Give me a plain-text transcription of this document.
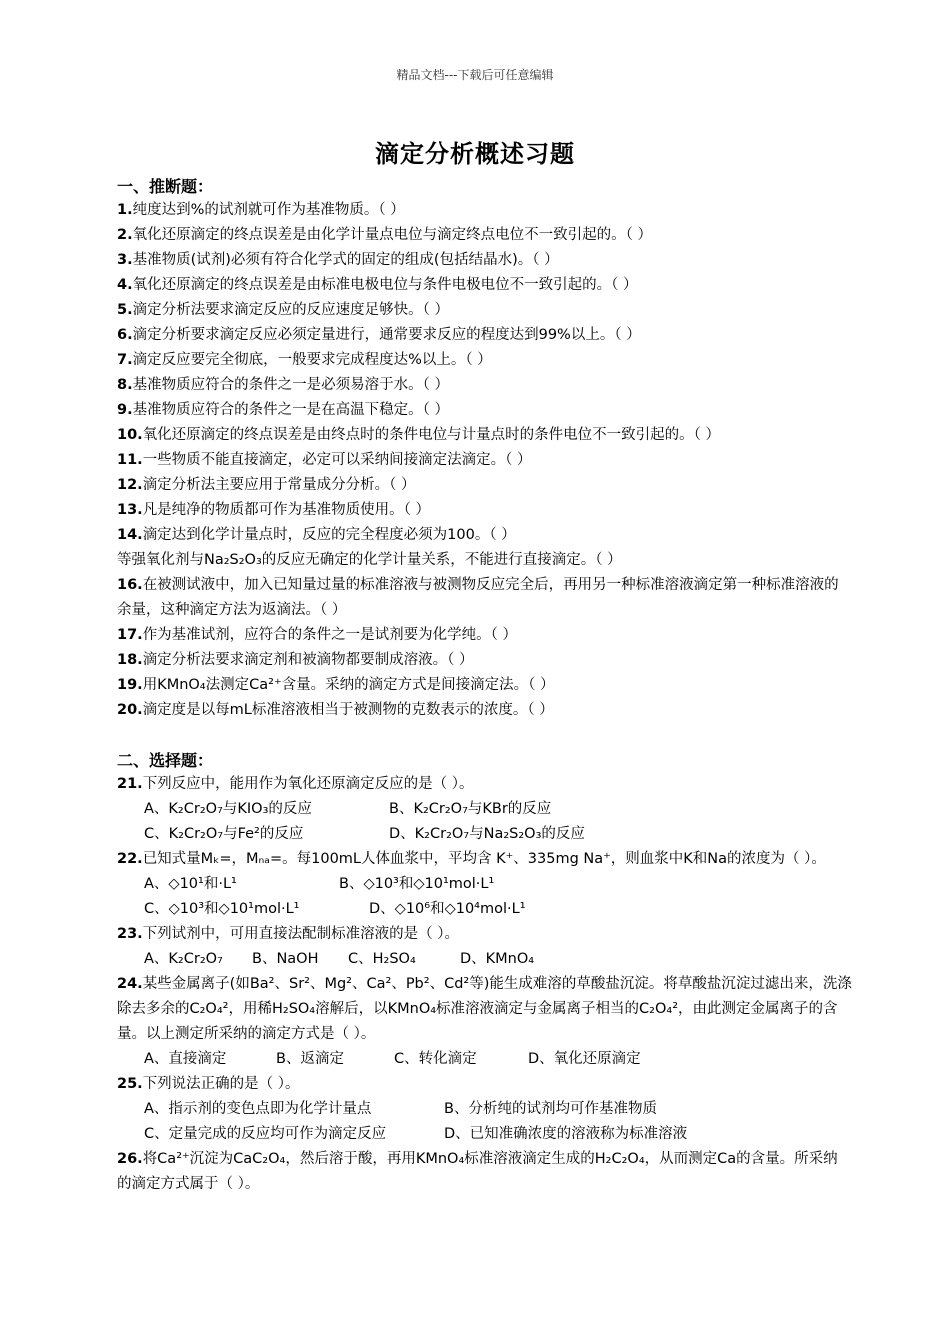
精品文档---下载后可任意编辑
滴定分析概述习题
一、推断题：
1.纯度达到%的试剂就可作为基准物质。（ ）
2.氧化还原滴定的终点误差是由化学计量点电位与滴定终点电位不一致引起的。（ ）
3.基准物质(试剂)必须有符合化学式的固定的组成(包括结晶水)。（ ）
4.氧化还原滴定的终点误差是由标准电极电位与条件电极电位不一致引起的。（ ）
5.滴定分析法要求滴定反应的反应速度足够快。（ ）
6.滴定分析要求滴定反应必须定量进行，通常要求反应的程度达到99%以上。（ ）
7.滴定反应要完全彻底，一般要求完成程度达%以上。（ ）
8.基准物质应符合的条件之一是必须易溶于水。（ ）
9.基准物质应符合的条件之一是在高温下稳定。（ ）
10.氧化还原滴定的终点误差是由终点时的条件电位与计量点时的条件电位不一致引起的。（ ）
11.一些物质不能直接滴定，必定可以采纳间接滴定法滴定。（ ）
12.滴定分析法主要应用于常量成分分析。（ ）
13.凡是纯净的物质都可作为基准物质使用。（ ）
14.滴定达到化学计量点时，反应的完全程度必须为100。（ ）
等强氧化剂与Na₂S₂O₃的反应无确定的化学计量关系，不能进行直接滴定。（ ）
16.在被测试液中，加入已知量过量的标准溶液与被测物反应完全后，再用另一种标准溶液滴定第一种标准溶液的余量，这种滴定方法为返滴法。（ ）
17.作为基准试剂，应符合的条件之一是试剂要为化学纯。（ ）
18.滴定分析法要求滴定剂和被滴物都要制成溶液。（ ）
19.用KMnO₄法测定Ca²⁺含量。采纳的滴定方式是间接滴定法。（ ）
20.滴定度是以每mL标准溶液相当于被测物的克数表示的浓度。（ ）
二、选择题：
21.下列反应中，能用作为氧化还原滴定反应的是（ ）。
A、K₂Cr₂O₇与KIO₃的反应	B、K₂Cr₂O₇与KBr的反应
C、K₂Cr₂O₇与Fe²的反应	D、K₂Cr₂O₇与Na₂S₂O₃的反应
22.已知式量Mₖ=，Mₙₐ=。每100mL人体血浆中，平均含 K⁺、335mg Na⁺，则血浆中K和Na的浓度为（ ）。
A、◇10¹和·L¹	B、◇10³和◇10¹mol·L¹
C、◇10³和◇10¹mol·L¹	D、◇10⁶和◇10⁴mol·L¹
23.下列试剂中，可用直接法配制标准溶液的是（ ）。
A、K₂Cr₂O₇ B、NaOH C、H₂SO₄	D、KMnO₄
24.某些金属离子(如Ba²、Sr²、Mg²、Ca²、Pb²、Cd²等)能生成难溶的草酸盐沉淀。将草酸盐沉淀过滤出来，洗涤除去多余的C₂O₄²，用稀H₂SO₄溶解后，以KMnO₄标准溶液滴定与金属离子相当的C₂O₄²，由此测定金属离子的含量。以上测定所采纳的滴定方式是（ ）。
A、直接滴定	B、返滴定	C、转化滴定	D、氧化还原滴定
25.下列说法正确的是（ ）。
A、指示剂的变色点即为化学计量点	B、分析纯的试剂均可作基准物质
C、定量完成的反应均可作为滴定反应	D、已知准确浓度的溶液称为标准溶液
26.将Ca²⁺沉淀为CaC₂O₄，然后溶于酸，再用KMnO₄标准溶液滴定生成的H₂C₂O₄，从而测定Ca的含量。所采纳的滴定方式属于（ ）。
